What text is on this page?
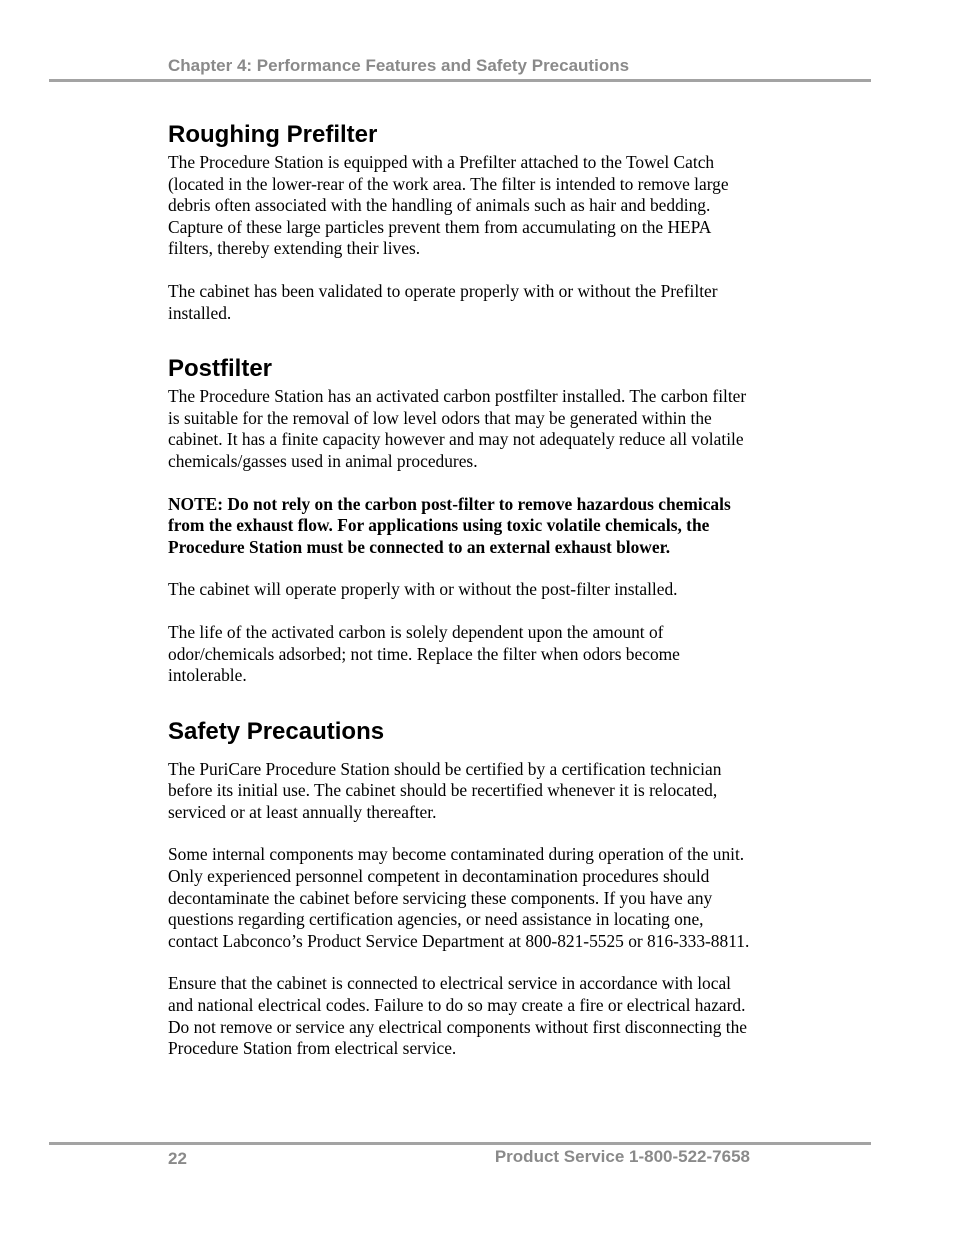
Chapter 4: Performance Features and Safety Precautions
Roughing Prefilter

The Procedure Station is equipped with a Prefilter attached to the Towel Catch (located in the lower-rear of the work area. The filter is intended to remove large debris often associated with the handling of animals such as hair and bedding. Capture of these large particles prevent them from accumulating on the HEPA filters, thereby extending their lives.

The cabinet has been validated to operate properly with or without the Prefilter installed.

Postfilter

The Procedure Station has an activated carbon postfilter installed. The carbon filter is suitable for the removal of low level odors that may be generated within the cabinet. It has a finite capacity however and may not adequately reduce all volatile chemicals/gasses used in animal procedures.

NOTE: Do not rely on the carbon post-filter to remove hazardous chemicals from the exhaust flow. For applications using toxic volatile chemicals, the Procedure Station must be connected to an external exhaust blower.

The cabinet will operate properly with or without the post-filter installed.

The life of the activated carbon is solely dependent upon the amount of odor/chemicals adsorbed; not time. Replace the filter when odors become intolerable.

Safety Precautions

The PuriCare Procedure Station should be certified by a certification technician before its initial use. The cabinet should be recertified whenever it is relocated, serviced or at least annually thereafter.

Some internal components may become contaminated during operation of the unit. Only experienced personnel competent in decontamination procedures should decontaminate the cabinet before servicing these components. If you have any questions regarding certification agencies, or need assistance in locating one, contact Labconco’s Product Service Department at 800-821-5525 or 816-333-8811.

Ensure that the cabinet is connected to electrical service in accordance with local and national electrical codes. Failure to do so may create a fire or electrical hazard. Do not remove or service any electrical components without first disconnecting the Procedure Station from electrical service.

22	Product Service 1-800-522-7658
